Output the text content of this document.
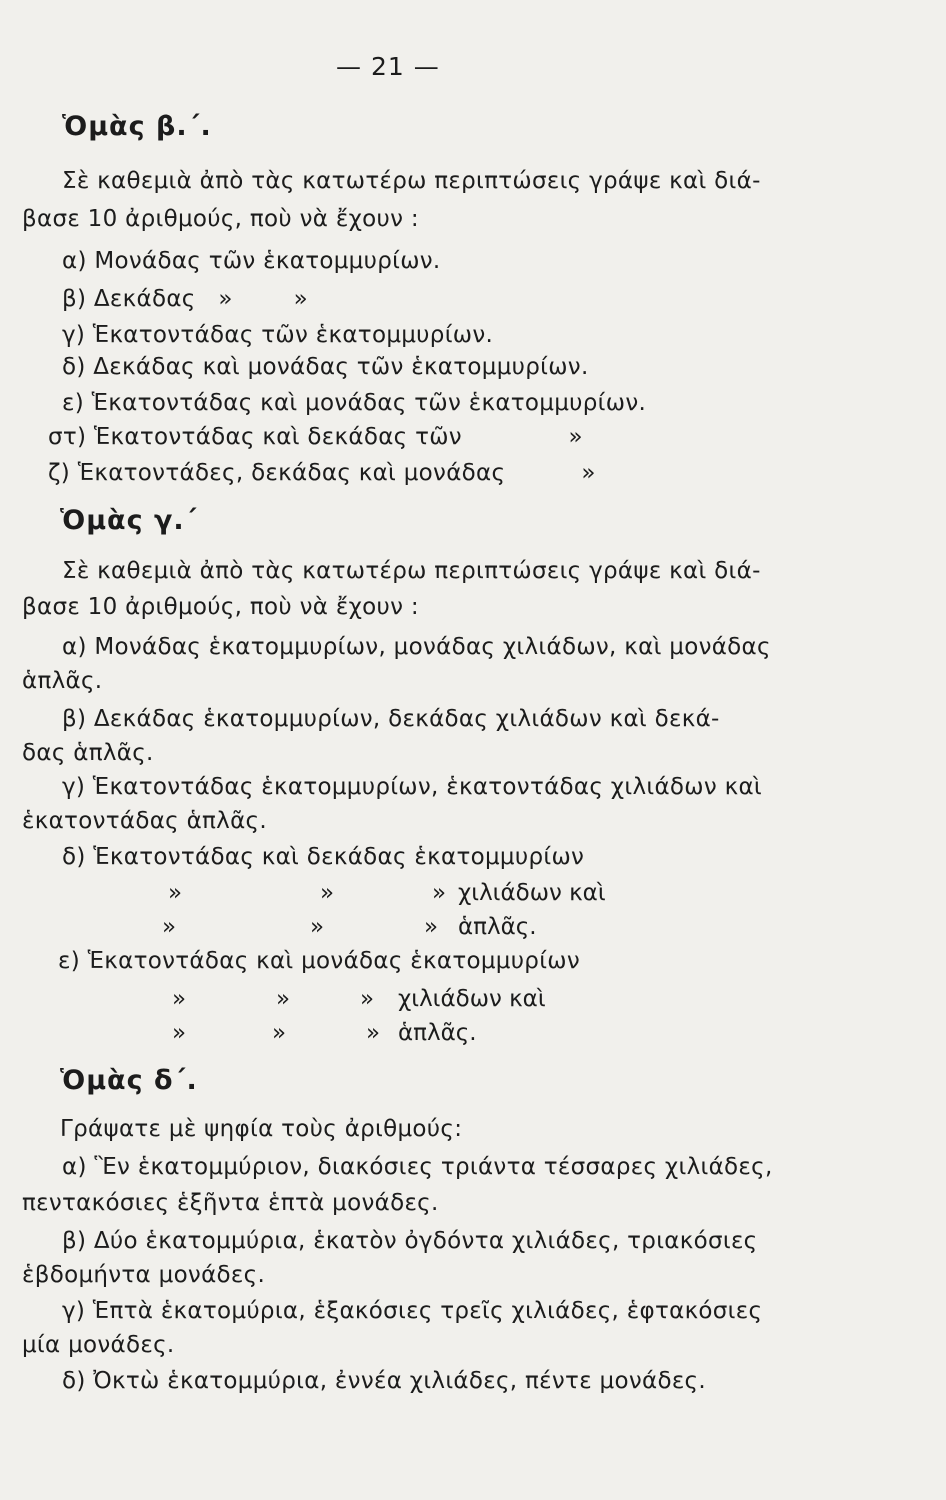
— 21 —
Ὁμὰς β.΄.
Σὲ καθεμιὰ ἀπὸ τὰς κατωτέρω περιπτώσεις γράψε καὶ διά-
βασε 10 ἀριθμούς, ποὺ νὰ ἔχουν :
α) Μονάδας τῶν ἑκατομμυρίων.
β) Δεκάδας   »        »
γ) Ἑκατοντάδας τῶν ἑκατομμυρίων.
δ) Δεκάδας καὶ μονάδας τῶν ἑκατομμυρίων.
ε) Ἑκατοντάδας καὶ μονάδας τῶν ἑκατομμυρίων.
στ) Ἑκατοντάδας καὶ δεκάδας τῶν              »
ζ) Ἑκατοντάδες, δεκάδας καὶ μονάδας          »
Ὁμὰς γ.΄
Σὲ καθεμιὰ ἀπὸ τὰς κατωτέρω περιπτώσεις γράψε καὶ διά-
βασε 10 ἀριθμούς, ποὺ νὰ ἔχουν :
α) Μονάδας ἑκατομμυρίων, μονάδας χιλιάδων, καὶ μονάδας
ἁπλᾶς.
β) Δεκάδας ἑκατομμυρίων, δεκάδας χιλιάδων καὶ δεκά-
δας ἁπλᾶς.
γ) Ἑκατοντάδας ἑκατομμυρίων, ἑκατοντάδας χιλιάδων καὶ
ἑκατοντάδας ἁπλᾶς.
δ) Ἑκατοντάδας καὶ δεκάδας ἑκατομμυρίων
»	»	» χιλιάδων καὶ
»	»	» ἁπλᾶς.
ε) Ἑκατοντάδας καὶ μονάδας ἑκατομμυρίων
»	»	» χιλιάδων καὶ
»	»	» ἁπλᾶς.
Ὁμὰς δ΄.
Γράψατε μὲ ψηφία τοὺς ἀριθμούς:
α) Ἓν ἑκατομμύριον, διακόσιες τριάντα τέσσαρες χιλιάδες,
πεντακόσιες ἑξῆντα ἑπτὰ μονάδες.
β) Δύο ἑκατομμύρια, ἑκατὸν ὀγδόντα χιλιάδες, τριακόσιες
ἑβδομήντα μονάδες.
γ) Ἑπτὰ ἑκατομύρια, ἑξακόσιες τρεῖς χιλιάδες, ἑφτακόσιες
μία μονάδες.
δ) Ὀκτὼ ἑκατομμύρια, ἐννέα χιλιάδες, πέντε μονάδες.
